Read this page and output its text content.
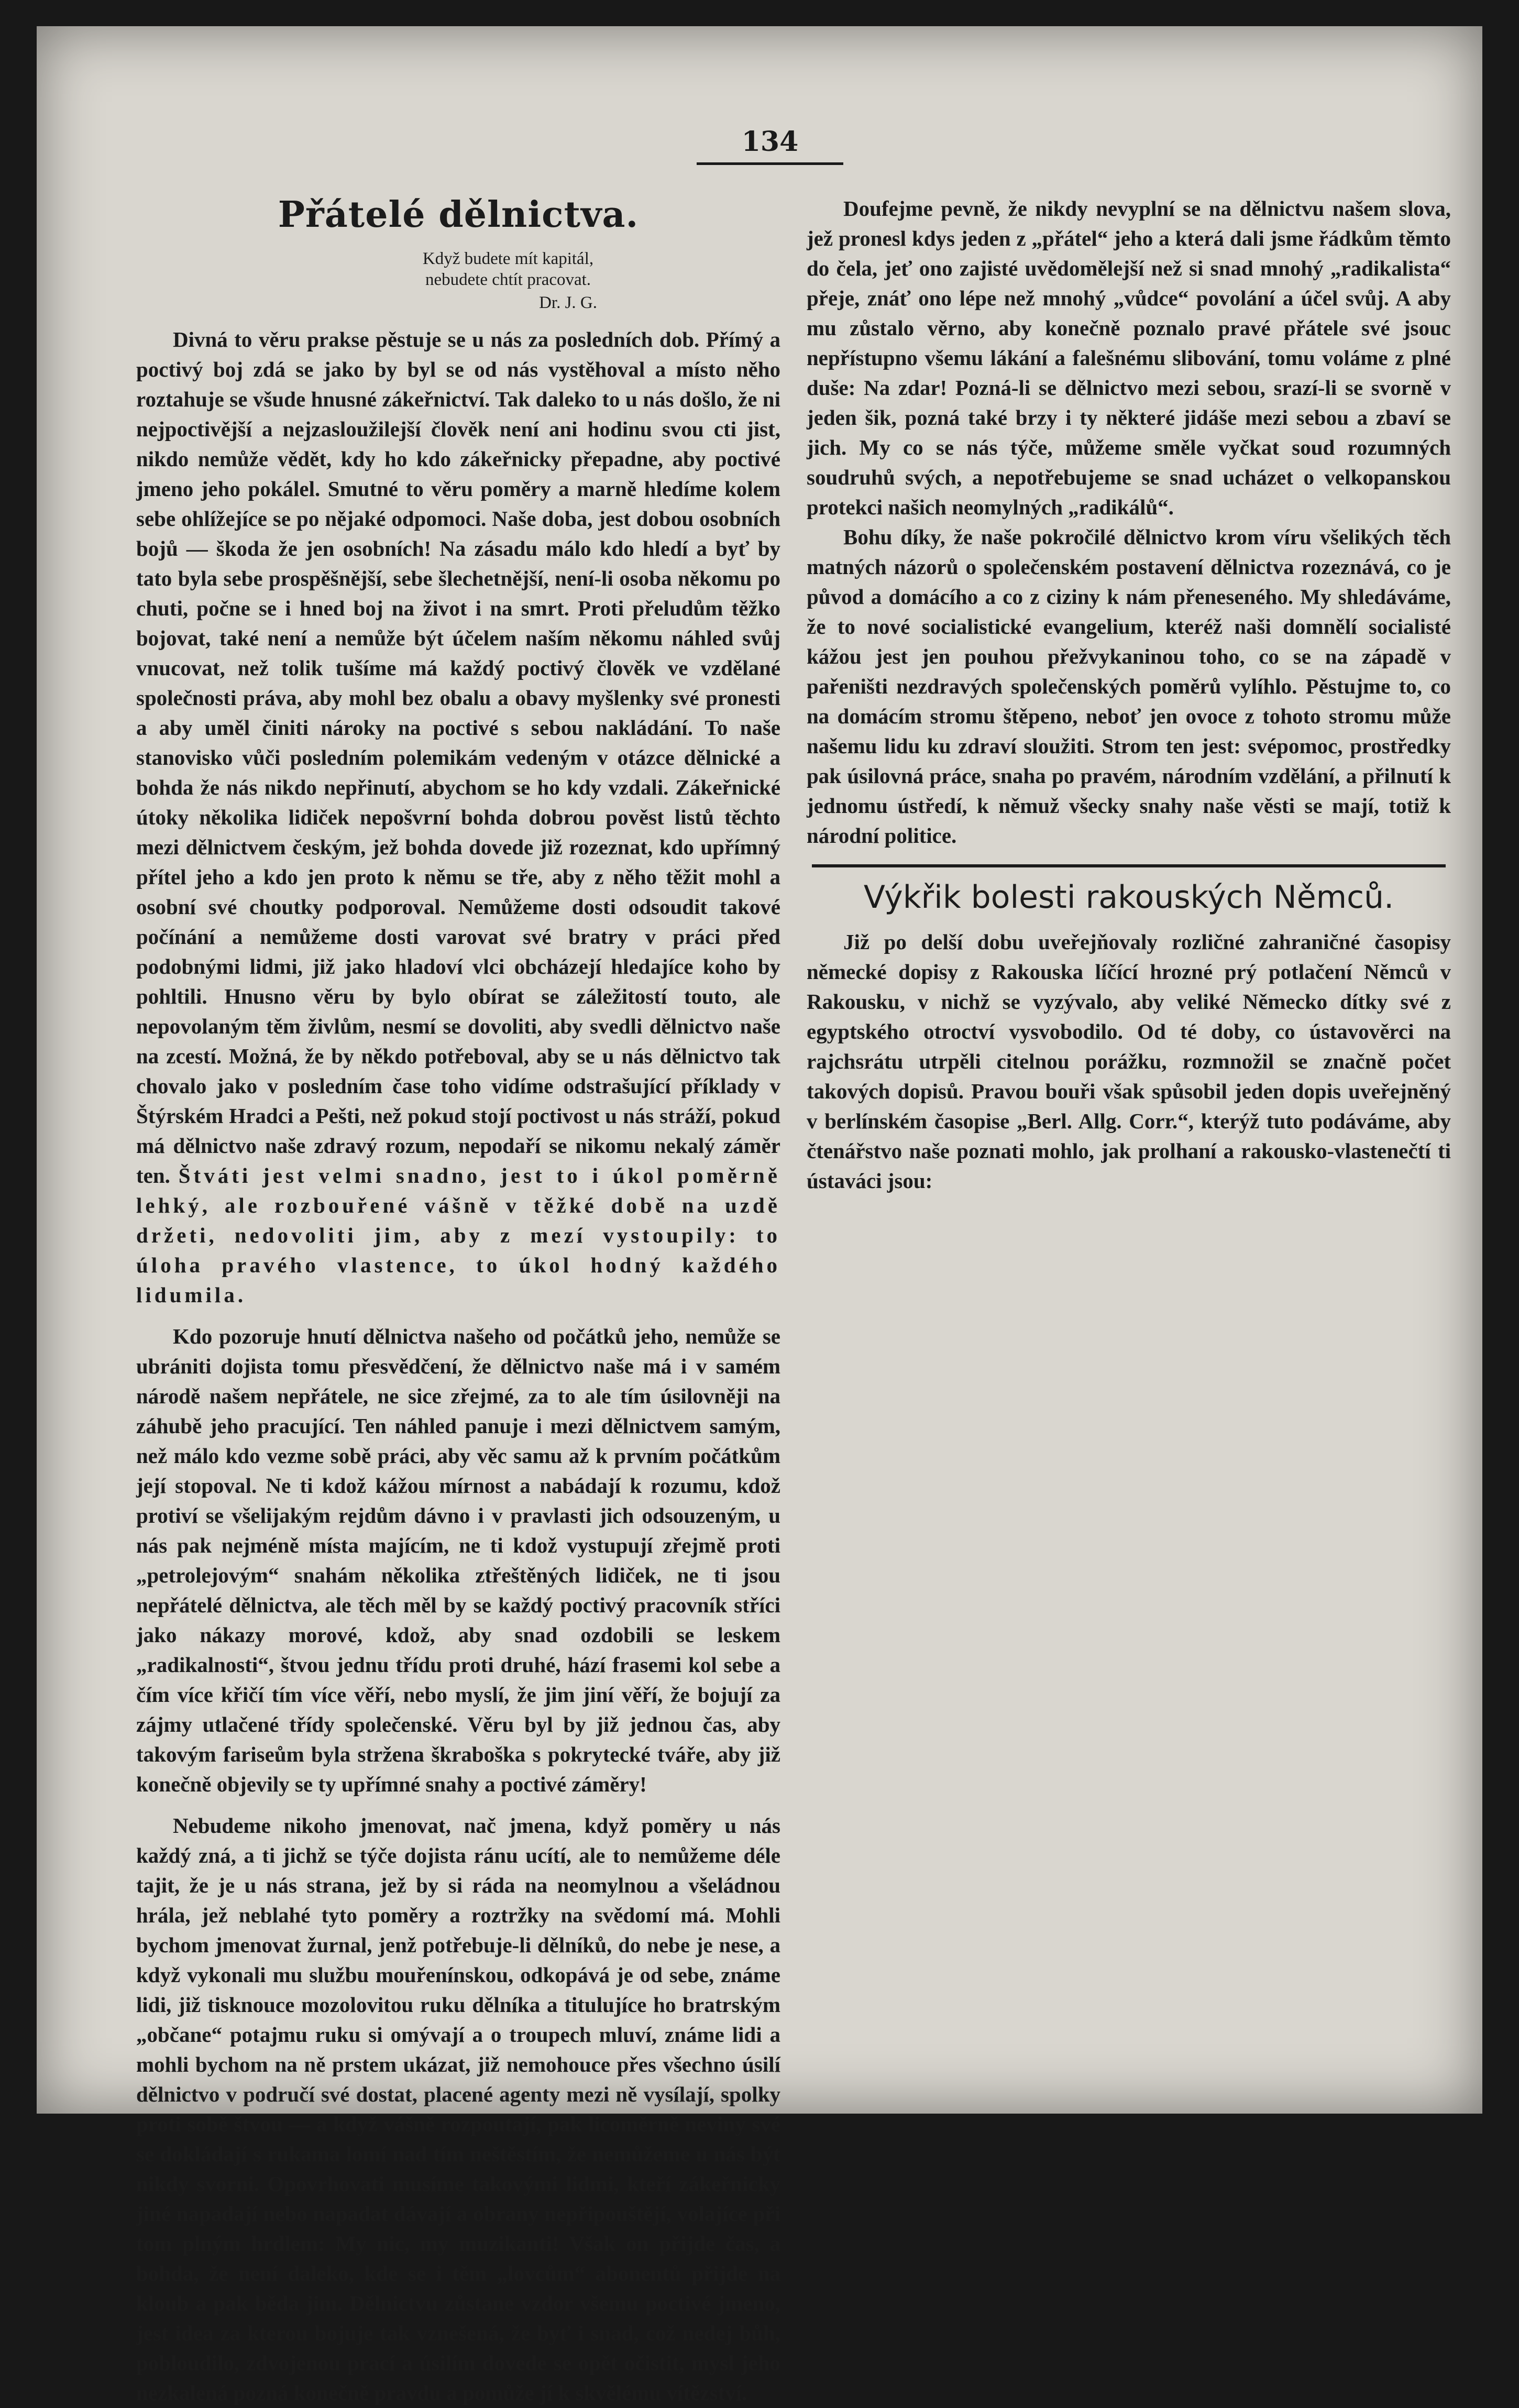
134
Přátelé dělnictva.
Když budete mít kapitál,
nebudete chtít pracovat.
Dr. J. G.

Divná to věru prakse pěstuje se u nás za posledních dob. Přímý a poctivý boj zdá se jako by byl se od nás vystěhoval a místo něho roztahuje se všude hnusné zákeřnictví. Tak daleko to u nás došlo, že ni nejpoctivější a nejzasloužilejší člověk není ani hodinu svou cti jist, nikdo nemůže vědět, kdy ho kdo zákeřnicky přepadne, aby poctivé jmeno jeho pokálel. Smutné to věru poměry a marně hledíme kolem sebe ohlížejíce se po nějaké odpomoci. Naše doba, jest dobou osobních bojů — škoda že jen osobních! Na zásadu málo kdo hledí a byť by tato byla sebe prospěšnější, sebe šlechetnější, není-li osoba někomu po chuti, počne se i hned boj na život i na smrt. Proti přeludům těžko bojovat, také není a nemůže být účelem naším někomu náhled svůj vnucovat, než tolik tušíme má každý poctivý člověk ve vzdělané společnosti práva, aby mohl bez obalu a obavy myšlenky své pronesti a aby uměl činiti nároky na poctivé s sebou nakládání. To naše stanovisko vůči posledním polemikám vedeným v otázce dělnické a bohda že nás nikdo nepřinutí, abychom se ho kdy vzdali. Zákeřnické útoky několika lidiček nepošvrní bohda dobrou pověst listů těchto mezi dělnictvem českým, jež bohda dovede již rozeznat, kdo upřímný přítel jeho a kdo jen proto k němu se tře, aby z něho těžit mohl a osobní své choutky podporoval. Nemůžeme dosti odsoudit takové počínání a nemůžeme dosti varovat své bratry v práci před podobnými lidmi, již jako hladoví vlci obcházejí hledajíce koho by pohltili. Hnusno věru by bylo obírat se záležitostí touto, ale nepovolaným těm živlům, nesmí se dovoliti, aby svedli dělnictvo naše na zcestí. Možná, že by někdo potřeboval, aby se u nás dělnictvo tak chovalo jako v posledním čase toho vidíme odstrašující příklady v Štýrském Hradci a Pešti, než pokud stojí poctivost u nás stráží, pokud má dělnictvo naše zdravý rozum, nepodaří se nikomu nekalý záměr ten. Štváti jest velmi snadno, jest to i úkol poměrně lehký, ale rozbouřené vášně v těžké době na uzdě držeti, nedovoliti jim, aby z mezí vystoupily: to úloha pravého vlastence, to úkol hodný každého lidumila.

Kdo pozoruje hnutí dělnictva našeho od počátků jeho, nemůže se ubrániti dojista tomu přesvědčení, že dělnictvo naše má i v samém národě našem nepřátele, ne sice zřejmé, za to ale tím úsilovněji na záhubě jeho pracující. Ten náhled panuje i mezi dělnictvem samým, než málo kdo vezme sobě práci, aby věc samu až k prvním počátkům její stopoval. Ne ti kdož kážou mírnost a nabádají k rozumu, kdož protiví se všelijakým rejdům dávno i v pravlasti jich odsouzeným, u nás pak nejméně místa majícím, ne ti kdož vystupují zřejmě proti „petrolejovým“ snahám několika ztřeštěných lidiček, ne ti jsou nepřátelé dělnictva, ale těch měl by se každý poctivý pracovník stříci jako nákazy morové, kdož, aby snad ozdobili se leskem „radikalnosti“, štvou jednu třídu proti druhé, hází frasemi kol sebe a čím více křičí tím více věří, nebo myslí, že jim jiní věří, že bojují za zájmy utlačené třídy společenské. Věru byl by již jednou čas, aby takovým fariseům byla stržena škraboška s pokrytecké tváře, aby již konečně objevily se ty upřímné snahy a poctivé záměry!

Nebudeme nikoho jmenovat, nač jmena, když poměry u nás každý zná, a ti jichž se týče dojista ránu ucítí, ale to nemůžeme déle tajit, že je u nás strana, jež by si ráda na neomylnou a všeládnou hrála, jež neblahé tyto poměry a roztržky na svědomí má. Mohli bychom jmenovat žurnal, jenž potřebuje-li dělníků, do nebe je nese, a když vykonali mu službu mouřenínskou, odkopává je od sebe, známe lidi, již tisknouce mozolovitou ruku dělníka a titulujíce ho bratrským „občane“ potajmu ruku si omývají a o troupech mluví, známe lidi a mohli bychom na ně prstem ukázat, již nemohouce přes všechno úsilí dělnictvo v područí své dostat, placené agenty mezi ně vysílají, spolky proti sobě štvou — a když vášně rozpoutají, pak licoměrně neviny své se dokládají s rukama lomí nad tím neštěstím, že nemůžeme u nás být nikdy svorni. Opovrhovati musíme takovými lidmi, kteří zákeřnicky jiné napadají nebo napadat dávají a obrany nepřipouštějí, volajíce při tom plným hrdlem: My nic, my muzikanti! Však on přijde čas, a bohda, že není daleko, kde se i těm „lovcům“ abonentů přijde na kloub a pak běda jim. Dělnictvu zůstane vzdor všemu poctivé jmeno, jest idea za kterou bojuje tak vznešená, že byť i snad, což nedej bůh, pobloudilo, zdvojenou prací a úsilím dovede se opět očistit, mysl jeho nezkalená pozná konečně pravdu a pomůže jí k skvělému vítězství.

Doufejme pevně, že nikdy nevyplní se na dělnictvu našem slova, jež pronesl kdys jeden z „přátel“ jeho a která dali jsme řádkům těmto do čela, jeť ono zajisté uvědomělejší než si snad mnohý „radikalista“ přeje, znáť ono lépe než mnohý „vůdce“ povolání a účel svůj. A aby mu zůstalo věrno, aby konečně poznalo pravé přátele své jsouc nepřístupno všemu lákání a falešnému slibování, tomu voláme z plné duše: Na zdar! Pozná-li se dělnictvo mezi sebou, srazí-li se svorně v jeden šik, pozná také brzy i ty některé jidáše mezi sebou a zbaví se jich. My co se nás týče, můžeme směle vyčkat soud rozumných soudruhů svých, a nepotřebujeme se snad ucházet o velkopanskou protekci našich neomylných „radikálů“.

Bohu díky, že naše pokročilé dělnictvo krom víru všelikých těch matných názorů o společenském postavení dělnictva rozeznává, co je původ a domácího a co z ciziny k nám přeneseného. My shledáváme, že to nové socialistické evangelium, kteréž naši domnělí socialisté kážou jest jen pouhou přežvykaninou toho, co se na západě v pařeništi nezdravých společenských poměrů vylíhlo. Pěstujme to, co na domácím stromu štěpeno, neboť jen ovoce z tohoto stromu může našemu lidu ku zdraví sloužiti. Strom ten jest: svépomoc, prostředky pak úsilovná práce, snaha po pravém, národním vzdělání, a přilnutí k jednomu ústředí, k němuž všecky snahy naše věsti se mají, totiž k národní politice.

Výkřik bolesti rakouských Němců.

Již po delší dobu uveřejňovaly rozličné zahraničné časopisy německé dopisy z Rakouska líčící hrozné prý potlačení Němců v Rakousku, v nichž se vyzývalo, aby veliké Německo dítky své z egyptského otroctví vysvobodilo. Od té doby, co ústavověrci na rajchsrátu utrpěli citelnou porážku, rozmnožil se značně počet takových dopisů. Pravou bouři však spůsobil jeden dopis uveřejněný v berlínském časopise „Berl. Allg. Corr.“, kterýž tuto podáváme, aby čtenářstvo naše poznati mohlo, jak prolhaní a rakousko-vlastenečtí ti ústaváci jsou:
